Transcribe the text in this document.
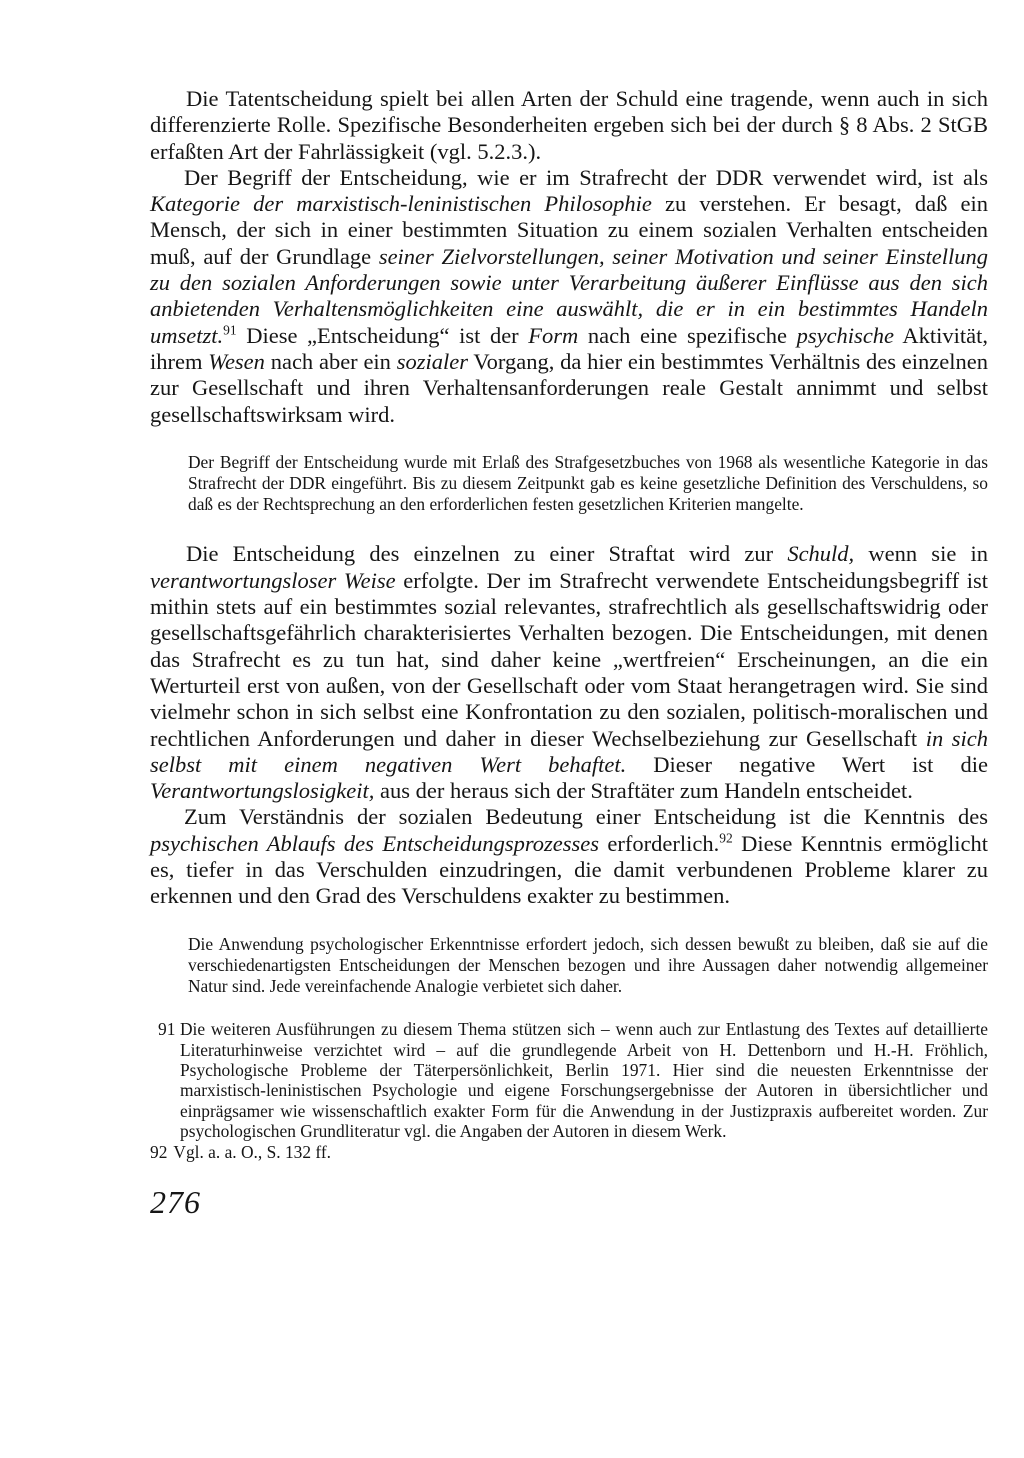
Die Tatentscheidung spielt bei allen Arten der Schuld eine tragende, wenn auch in sich differenzierte Rolle. Spezifische Besonderheiten ergeben sich bei der durch § 8 Abs. 2 StGB erfaßten Art der Fahrlässigkeit (vgl. 5.2.3.).

Der Begriff der Entscheidung, wie er im Strafrecht der DDR verwendet wird, ist als Kategorie der marxistisch-leninistischen Philosophie zu verstehen. Er besagt, daß ein Mensch, der sich in einer bestimmten Situation zu einem sozialen Verhalten entscheiden muß, auf der Grundlage seiner Zielvorstellungen, seiner Motivation und seiner Einstellung zu den sozialen Anforderungen sowie unter Verarbeitung äußerer Einflüsse aus den sich anbietenden Verhaltensmöglichkeiten eine auswählt, die er in ein bestimmtes Handeln umsetzt.$^{91}$ Diese „Entscheidung“ ist der Form nach eine spezifische psychische Aktivität, ihrem Wesen nach aber ein sozialer Vorgang, da hier ein bestimmtes Verhältnis des einzelnen zur Gesellschaft und ihren Verhaltensanforderungen reale Gestalt annimmt und selbst gesellschaftswirksam wird.

Der Begriff der Entscheidung wurde mit Erlaß des Strafgesetzbuches von 1968 als wesentliche Kategorie in das Strafrecht der DDR eingeführt. Bis zu diesem Zeitpunkt gab es keine gesetzliche Definition des Verschuldens, so daß es der Rechtsprechung an den erforderlichen festen gesetzlichen Kriterien mangelte.

Die Entscheidung des einzelnen zu einer Straftat wird zur Schuld, wenn sie in verantwortungsloser Weise erfolgte. Der im Strafrecht verwendete Entscheidungsbegriff ist mithin stets auf ein bestimmtes sozial relevantes, strafrechtlich als gesellschaftswidrig oder gesellschaftsgefährlich charakterisiertes Verhalten bezogen. Die Entscheidungen, mit denen das Strafrecht es zu tun hat, sind daher keine „wertfreien“ Erscheinungen, an die ein Werturteil erst von außen, von der Gesellschaft oder vom Staat herangetragen wird. Sie sind vielmehr schon in sich selbst eine Konfrontation zu den sozialen, politisch-moralischen und rechtlichen Anforderungen und daher in dieser Wechselbeziehung zur Gesellschaft in sich selbst mit einem negativen Wert behaftet. Dieser negative Wert ist die Verantwortungslosigkeit, aus der heraus sich der Straftäter zum Handeln entscheidet.

Zum Verständnis der sozialen Bedeutung einer Entscheidung ist die Kenntnis des psychischen Ablaufs des Entscheidungsprozesses erforderlich.$^{92}$ Diese Kenntnis ermöglicht es, tiefer in das Verschulden einzudringen, die damit verbundenen Probleme klarer zu erkennen und den Grad des Verschuldens exakter zu bestimmen.

Die Anwendung psychologischer Erkenntnisse erfordert jedoch, sich dessen bewußt zu bleiben, daß sie auf die verschiedenartigsten Entscheidungen der Menschen bezogen und ihre Aussagen daher notwendig allgemeiner Natur sind. Jede vereinfachende Analogie verbietet sich daher.

91 Die weiteren Ausführungen zu diesem Thema stützen sich – wenn auch zur Entlastung des Textes auf detaillierte Literaturhinweise verzichtet wird – auf die grundlegende Arbeit von H. Dettenborn und H.-H. Fröhlich, Psychologische Probleme der Täterpersönlichkeit, Berlin 1971. Hier sind die neuesten Erkenntnisse der marxistisch-leninistischen Psychologie und eigene Forschungsergebnisse der Autoren in übersichtlicher und einprägsamer wie wissenschaftlich exakter Form für die Anwendung in der Justizpraxis aufbereitet worden. Zur psychologischen Grundliteratur vgl. die Angaben der Autoren in diesem Werk.
92 Vgl. a. a. O., S. 132 ff.
276
